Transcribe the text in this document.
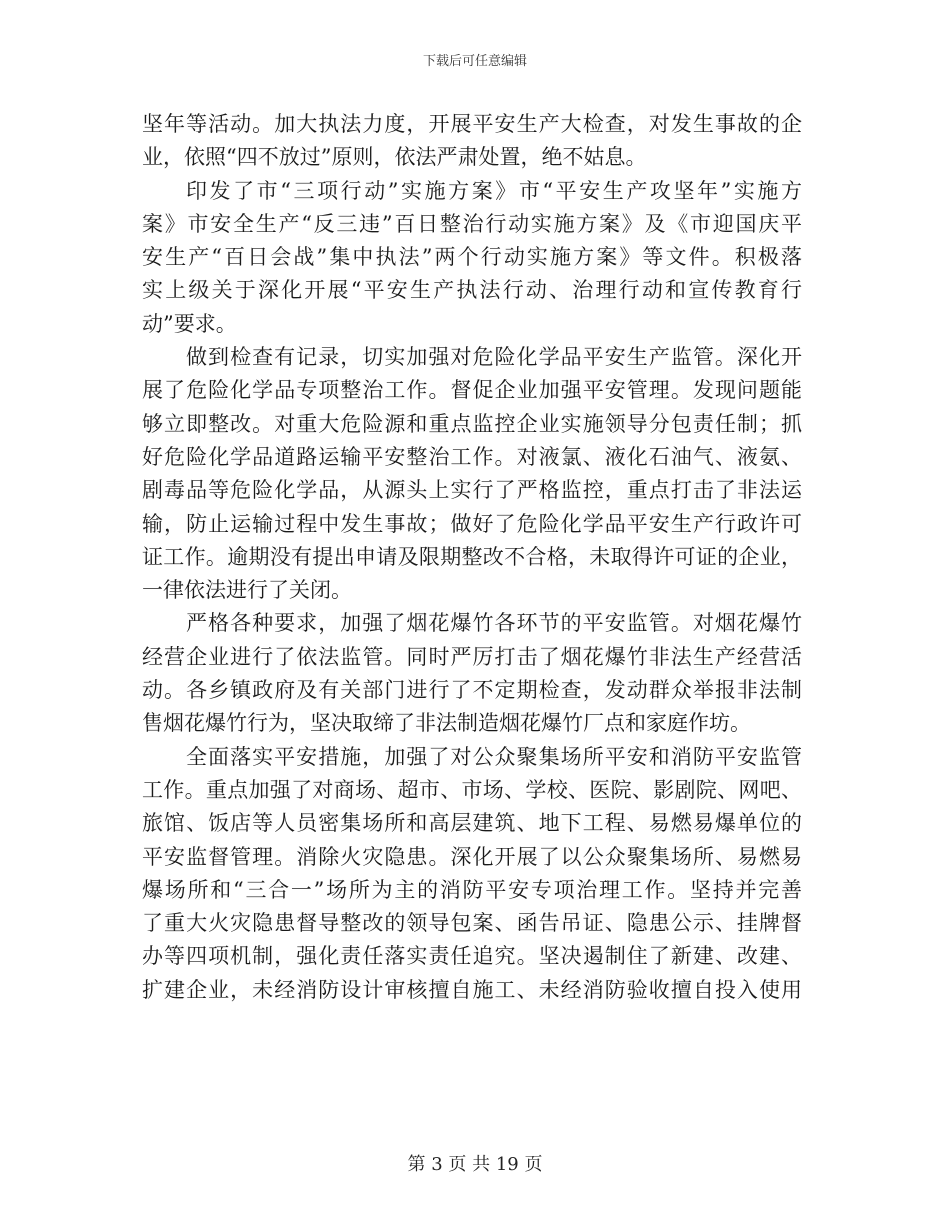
下载后可任意编辑
坚年等活动。加大执法力度，开展平安生产大检查，对发生事故的企
业，依照“四不放过”原则，依法严肃处置，绝不姑息。
印发了市“三项行动”实施方案》市“平安生产攻坚年”实施方
案》市安全生产“反三违”百日整治行动实施方案》及《市迎国庆平
安生产“百日会战”集中执法”两个行动实施方案》等文件。积极落
实上级关于深化开展“平安生产执法行动、治理行动和宣传教育行
动”要求。
做到检查有记录，切实加强对危险化学品平安生产监管。深化开
展了危险化学品专项整治工作。督促企业加强平安管理。发现问题能
够立即整改。对重大危险源和重点监控企业实施领导分包责任制；抓
好危险化学品道路运输平安整治工作。对液氯、液化石油气、液氨、
剧毒品等危险化学品，从源头上实行了严格监控，重点打击了非法运
输，防止运输过程中发生事故；做好了危险化学品平安生产行政许可
证工作。逾期没有提出申请及限期整改不合格，未取得许可证的企业，
一律依法进行了关闭。
严格各种要求，加强了烟花爆竹各环节的平安监管。对烟花爆竹
经营企业进行了依法监管。同时严厉打击了烟花爆竹非法生产经营活
动。各乡镇政府及有关部门进行了不定期检查，发动群众举报非法制
售烟花爆竹行为，坚决取缔了非法制造烟花爆竹厂点和家庭作坊。
全面落实平安措施，加强了对公众聚集场所平安和消防平安监管
工作。重点加强了对商场、超市、市场、学校、医院、影剧院、网吧、
旅馆、饭店等人员密集场所和高层建筑、地下工程、易燃易爆单位的
平安监督管理。消除火灾隐患。深化开展了以公众聚集场所、易燃易
爆场所和“三合一”场所为主的消防平安专项治理工作。坚持并完善
了重大火灾隐患督导整改的领导包案、函告吊证、隐患公示、挂牌督
办等四项机制，强化责任落实责任追究。坚决遏制住了新建、改建、
扩建企业，未经消防设计审核擅自施工、未经消防验收擅自投入使用
第 3 页 共 19 页
